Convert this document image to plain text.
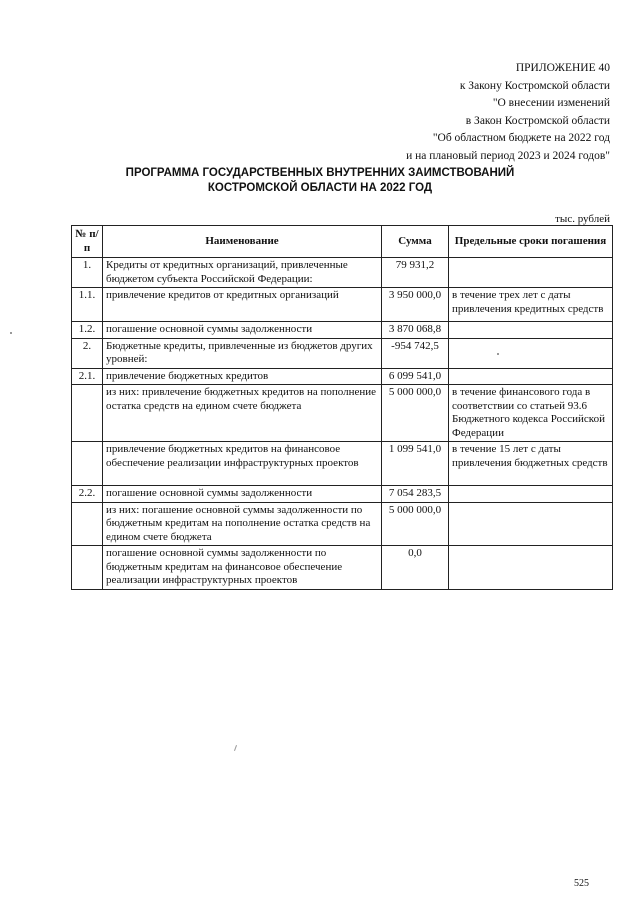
ПРИЛОЖЕНИЕ 40
к Закону Костромской области
"О внесении изменений
в Закон Костромской области
"Об областном бюджете на 2022 год
и на плановый период 2023 и 2024 годов"
ПРОГРАММА ГОСУДАРСТВЕННЫХ ВНУТРЕННИХ ЗАИМСТВОВАНИЙ
КОСТРОМСКОЙ ОБЛАСТИ НА 2022 ГОД
тыс. рублей
№ п/п	Наименование	Сумма	Предельные сроки погашения
1.	Кредиты от кредитных организаций, привлеченные бюджетом субъекта Российской Федерации:	79 931,2	
1.1.	привлечение кредитов от кредитных организаций	3 950 000,0	в течение трех лет с даты привлечения кредитных средств
1.2.	погашение основной суммы задолженности	3 870 068,8	
2.	Бюджетные кредиты, привлеченные из бюджетов других уровней:	-954 742,5	
2.1.	привлечение бюджетных кредитов	6 099 541,0	
	из них: привлечение бюджетных кредитов на пополнение остатка средств на едином счете бюджета	5 000 000,0	в течение финансового года в соответствии со статьей 93.6 Бюджетного кодекса Российской Федерации
	привлечение бюджетных кредитов на финансовое обеспечение реализации инфраструктурных проектов	1 099 541,0	в течение 15 лет с даты привлечения бюджетных средств
2.2.	погашение основной суммы задолженности	7 054 283,5	
	из них: погашение основной суммы задолженности по бюджетным кредитам на пополнение остатка средств на едином счете бюджета	5 000 000,0	
	погашение основной суммы задолженности по бюджетным кредитам на финансовое обеспечение реализации инфраструктурных проектов	0,0	
525
